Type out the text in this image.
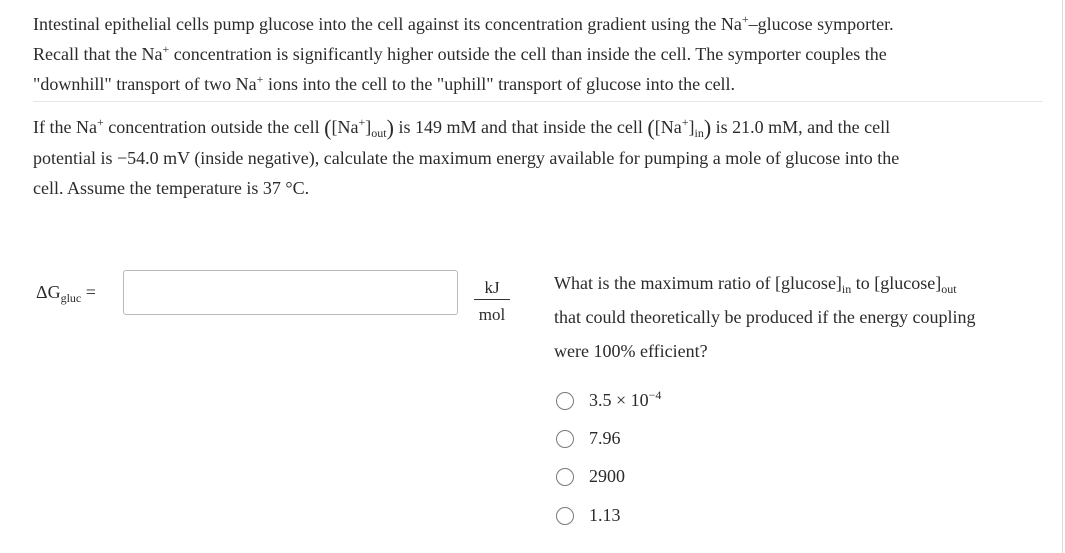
Intestinal epithelial cells pump glucose into the cell against its concentration gradient using the Na+–glucose symporter.
Recall that the Na+ concentration is significantly higher outside the cell than inside the cell. The symporter couples the
"downhill" transport of two Na+ ions into the cell to the "uphill" transport of glucose into the cell.
If the Na+ concentration outside the cell $([Na^+]_{out})$ is 149 mM and that inside the cell $([Na^+]_{in})$ is 21.0 mM, and the cell
potential is −54.0 mV (inside negative), calculate the maximum energy available for pumping a mole of glucose into the
cell. Assume the temperature is 37 °C.
$\Delta G_{gluc}$ =	kJ
mol
What is the maximum ratio of $[glucose]_{in}$ to $[glucose]_{out}$
that could theoretically be produced if the energy coupling
were 100% efficient?
$3.5 \times 10^{-4}$
7.96
2900
1.13
